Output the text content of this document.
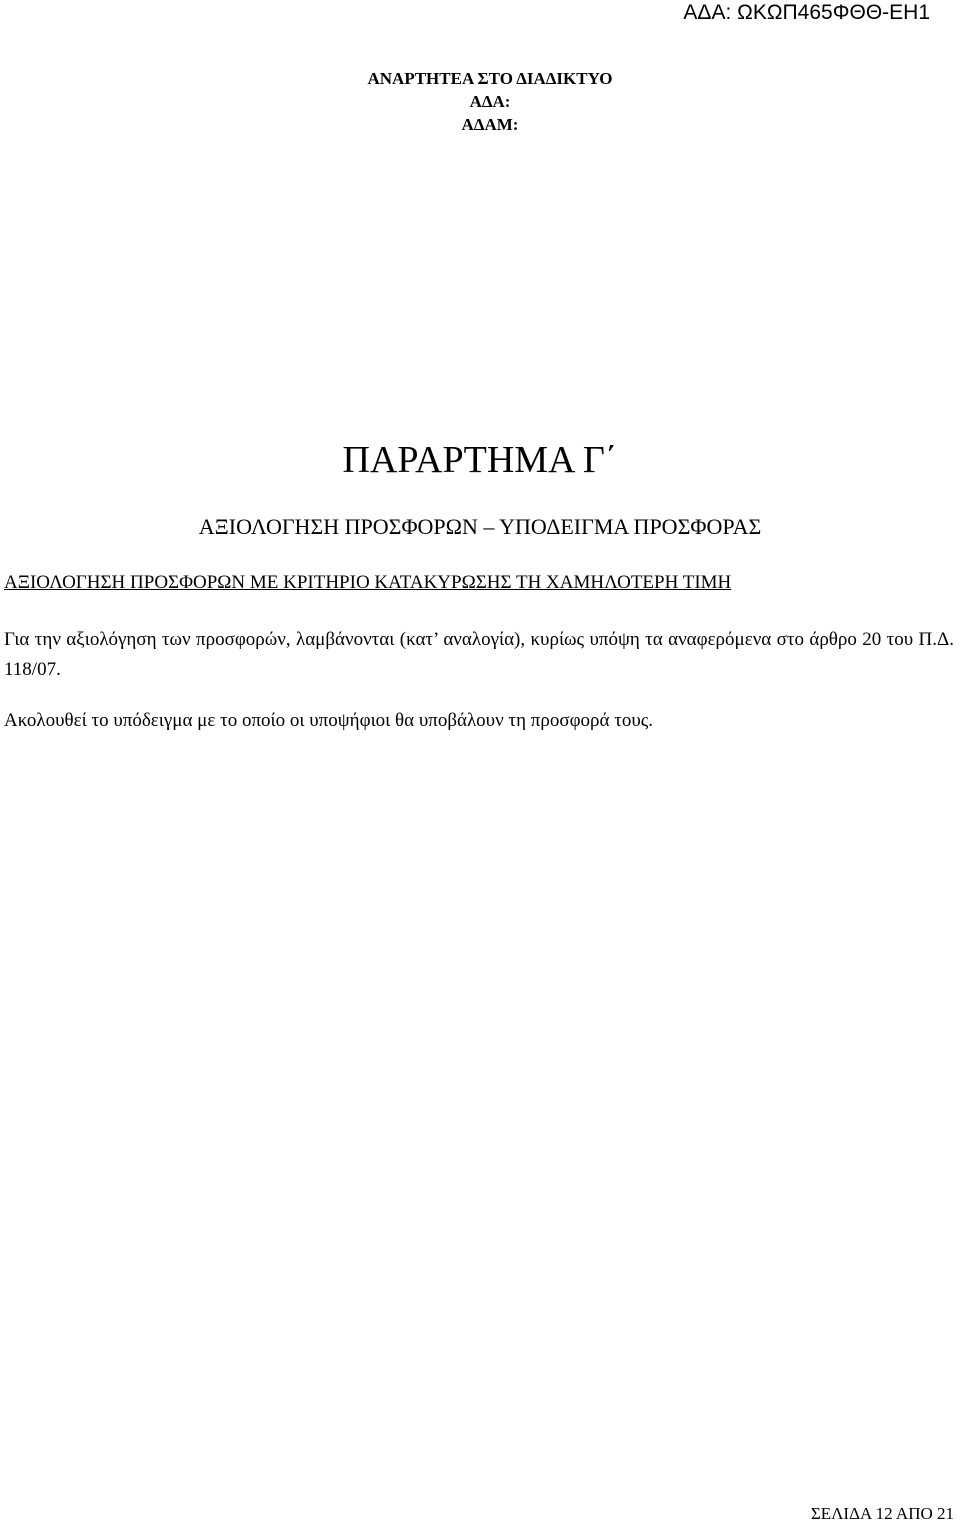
ΑΔΑ: ΩΚΩΠ465ΦΘΘ-ΕΗ1
ΑΝΑΡΤΗΤΕΑ ΣΤΟ ΔΙΑΔΙΚΤΥΟ
ΑΔΑ:
ΑΔΑΜ:
ΠΑΡΑΡΤΗΜΑ Γ΄
ΑΞΙΟΛΟΓΗΣΗ ΠΡΟΣΦΟΡΩΝ – ΥΠΟΔΕΙΓΜΑ ΠΡΟΣΦΟΡΑΣ
ΑΞΙΟΛΟΓΗΣΗ ΠΡΟΣΦΟΡΩΝ ΜΕ ΚΡΙΤΗΡΙΟ ΚΑΤΑΚΥΡΩΣΗΣ ΤΗ ΧΑΜΗΛΟΤΕΡΗ ΤΙΜΗ
Για την αξιολόγηση των προσφορών, λαμβάνονται (κατ’ αναλογία), κυρίως υπόψη τα αναφερόμενα στο άρθρο 20 του Π.Δ. 118/07.
Ακολουθεί το υπόδειγμα με το οποίο οι υποψήφιοι θα υποβάλουν τη προσφορά τους.
ΣΕΛΙΔΑ 12 ΑΠΟ 21
